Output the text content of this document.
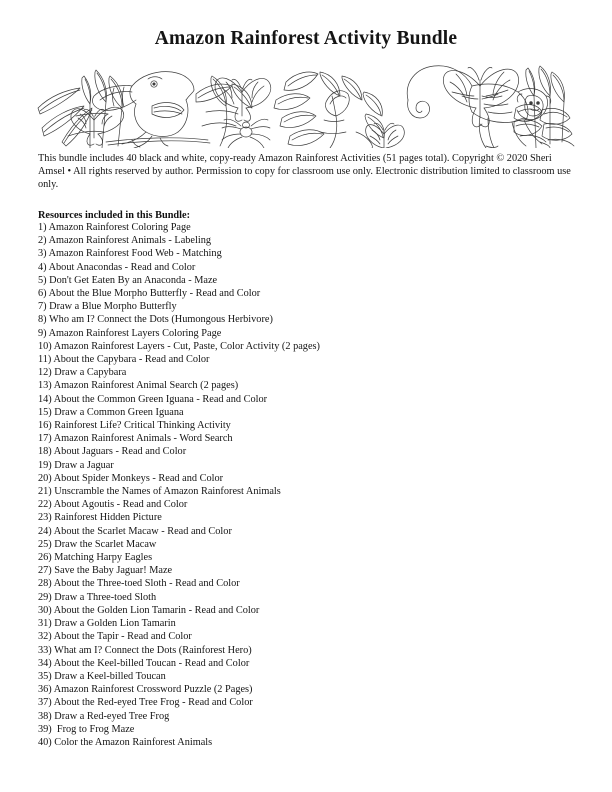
Amazon Rainforest Activity Bundle
This bundle includes 40 black and white, copy-ready Amazon Rainforest Activities (51 pages total). Copyright © 2020 Sheri Amsel • All rights reserved by author. Permission to copy for classroom use only. Electronic distribution limited to classroom use only.
Resources included in this Bundle:
1) Amazon Rainforest Coloring Page
2) Amazon Rainforest Animals - Labeling
3) Amazon Rainforest Food Web - Matching
4) About Anacondas - Read and Color
5) Don't Get Eaten By an Anaconda - Maze
6) About the Blue Morpho Butterfly - Read and Color
7) Draw a Blue Morpho Butterfly
8) Who am I? Connect the Dots (Humongous Herbivore)
9) Amazon Rainforest Layers Coloring Page
10) Amazon Rainforest Layers - Cut, Paste, Color Activity (2 pages)
11) About the Capybara - Read and Color
12) Draw a Capybara
13) Amazon Rainforest Animal Search (2 pages)
14) About the Common Green Iguana - Read and Color
15) Draw a Common Green Iguana
16) Rainforest Life? Critical Thinking Activity
17) Amazon Rainforest Animals - Word Search
18) About Jaguars - Read and Color
19) Draw a Jaguar
20) About Spider Monkeys - Read and Color
21) Unscramble the Names of Amazon Rainforest Animals
22) About Agoutis - Read and Color
23) Rainforest Hidden Picture
24) About the Scarlet Macaw - Read and Color
25) Draw the Scarlet Macaw
26) Matching Harpy Eagles
27) Save the Baby Jaguar! Maze
28) About the Three-toed Sloth - Read and Color
29) Draw a Three-toed Sloth
30) About the Golden Lion Tamarin - Read and Color
31) Draw a Golden Lion Tamarin
32) About the Tapir - Read and Color
33) What am I? Connect the Dots (Rainforest Hero)
34) About the Keel-billed Toucan - Read and Color
35) Draw a Keel-billed Toucan
36) Amazon Rainforest Crossword Puzzle (2 Pages)
37) About the Red-eyed Tree Frog - Read and Color
38) Draw a Red-eyed Tree Frog
39)  Frog to Frog Maze
40) Color the Amazon Rainforest Animals
